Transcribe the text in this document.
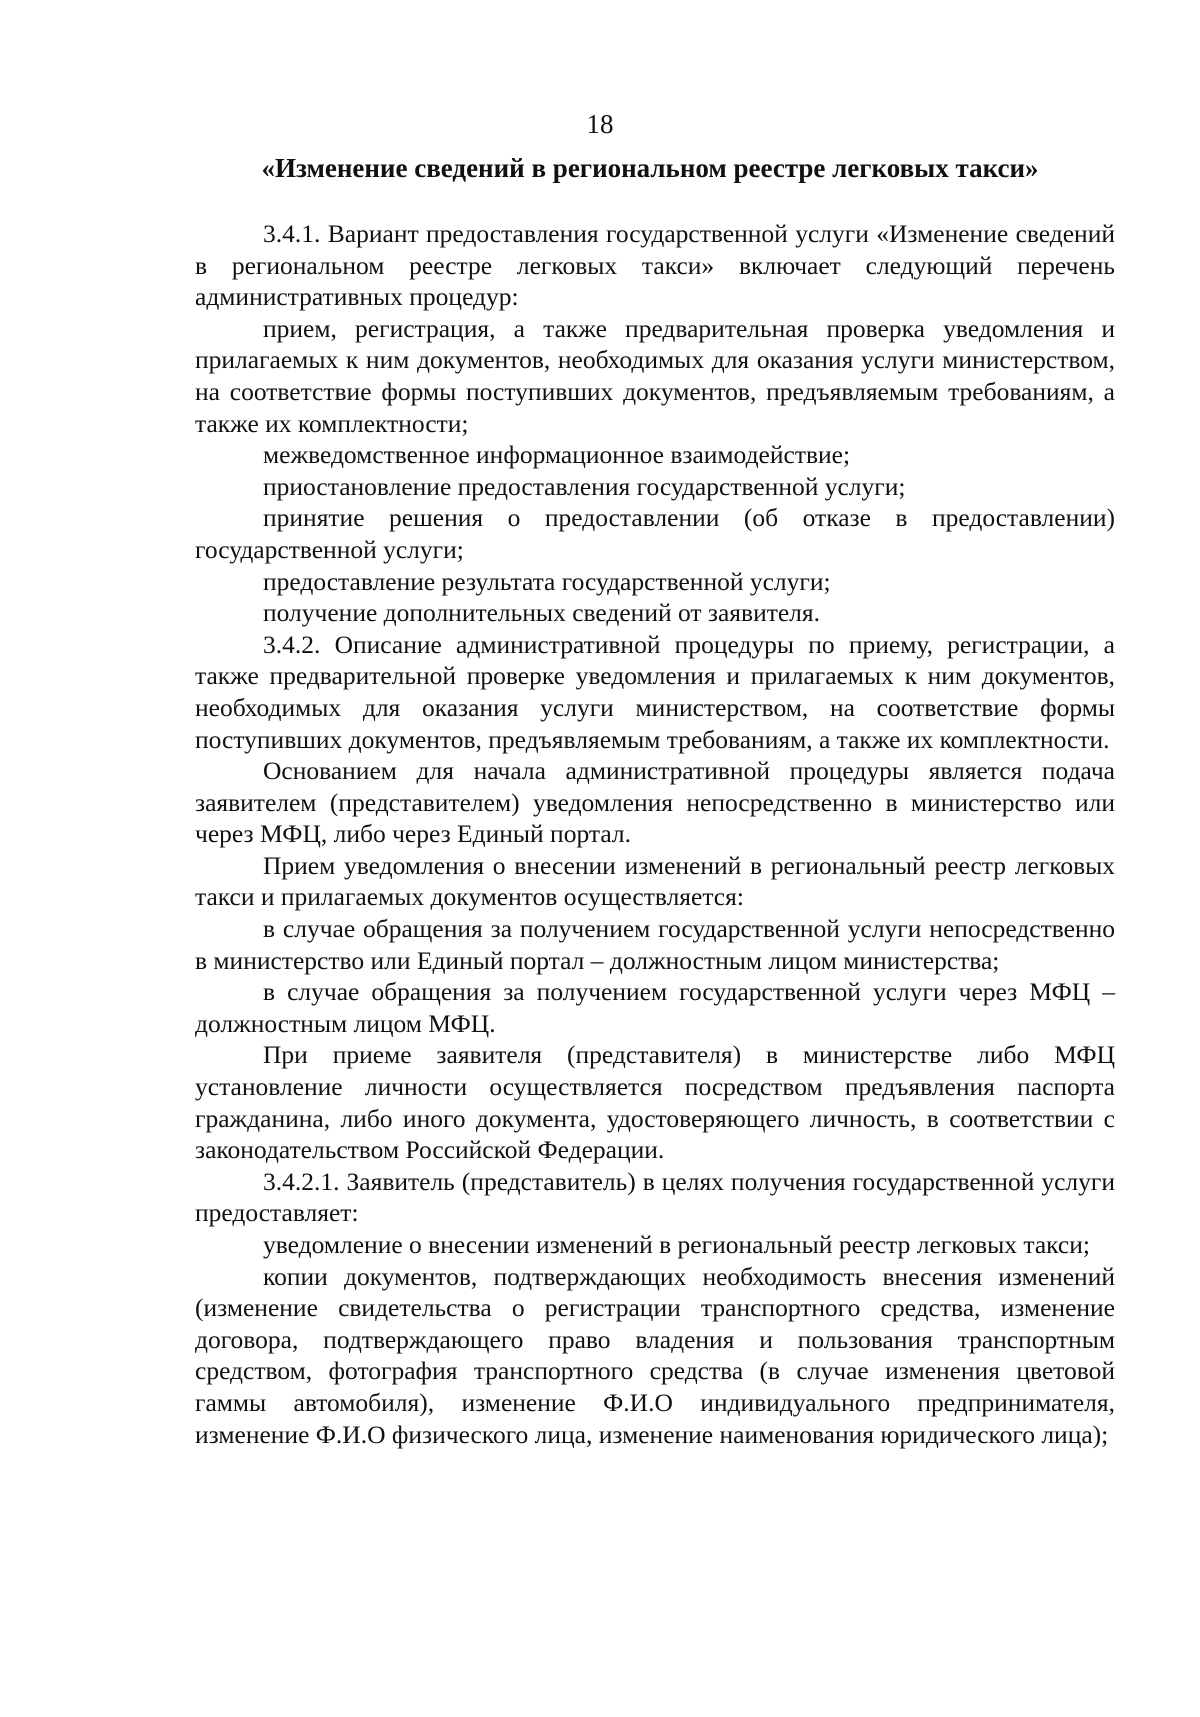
18
«Изменение сведений в региональном реестре легковых такси»

3.4.1. Вариант предоставления государственной услуги «Изменение сведений в региональном реестре легковых такси» включает следующий перечень административных процедур:

прием, регистрация, а также предварительная проверка уведомления и прилагаемых к ним документов, необходимых для оказания услуги министерством, на соответствие формы поступивших документов, предъявляемым требованиям, а также их комплектности;

межведомственное информационное взаимодействие;

приостановление предоставления государственной услуги;

принятие решения о предоставлении (об отказе в предоставлении) государственной услуги;

предоставление результата государственной услуги;

получение дополнительных сведений от заявителя.

3.4.2. Описание административной процедуры по приему, регистрации, а также предварительной проверке уведомления и прилагаемых к ним документов, необходимых для оказания услуги министерством, на соответствие формы поступивших документов, предъявляемым требованиям, а также их комплектности.

Основанием для начала административной процедуры является подача заявителем (представителем) уведомления непосредственно в министерство или через МФЦ, либо через Единый портал.

Прием уведомления о внесении изменений в региональный реестр легковых такси и прилагаемых документов осуществляется:

в случае обращения за получением государственной услуги непосредственно в министерство или Единый портал – должностным лицом министерства;

в случае обращения за получением государственной услуги через МФЦ – должностным лицом МФЦ.

При приеме заявителя (представителя) в министерстве либо МФЦ установление личности осуществляется посредством предъявления паспорта гражданина, либо иного документа, удостоверяющего личность, в соответствии с законодательством Российской Федерации.

3.4.2.1. Заявитель (представитель) в целях получения государственной услуги предоставляет:

уведомление о внесении изменений в региональный реестр легковых такси;

копии документов, подтверждающих необходимость внесения изменений (изменение свидетельства о регистрации транспортного средства, изменение договора, подтверждающего право владения и пользования транспортным средством, фотография транспортного средства (в случае изменения цветовой гаммы автомобиля), изменение Ф.И.О индивидуального предпринимателя, изменение Ф.И.О физического лица, изменение наименования юридического лица);
